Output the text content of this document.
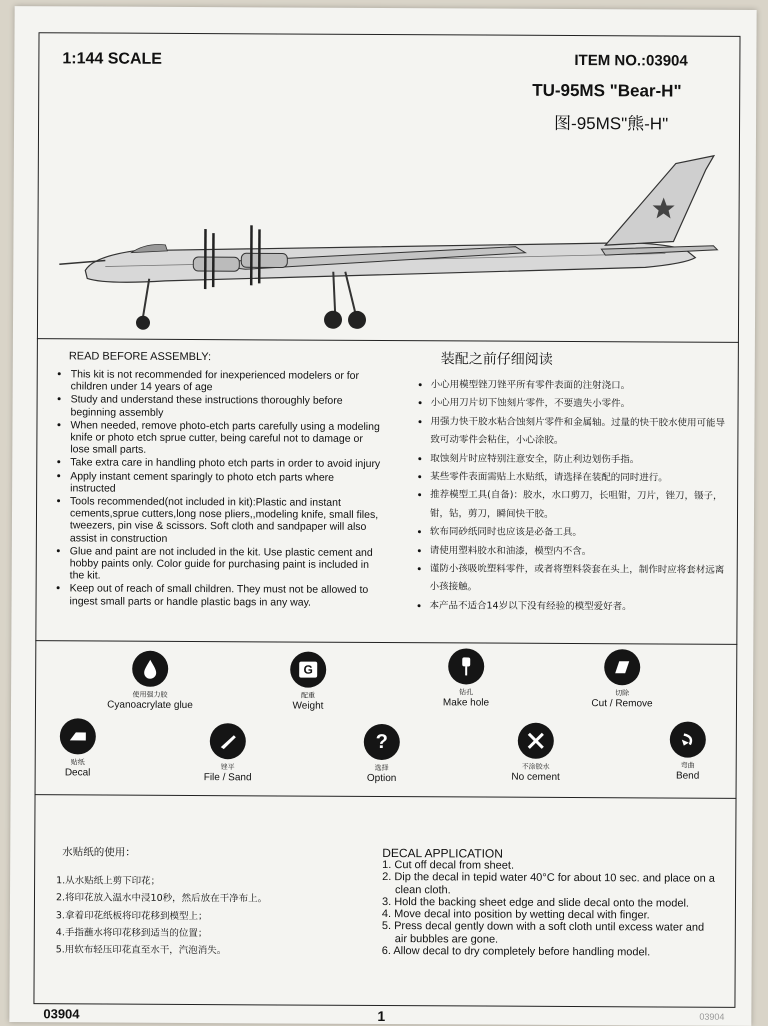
1:144 SCALE	ITEM NO.:03904
TU-95MS "Bear-H"
图-95MS"熊-H"
READ BEFORE ASSEMBLY:
• This kit is not recommended for inexperienced modelers or for children under 14 years of age
• Study and understand these instructions thoroughly before beginning assembly
• When needed, remove photo-etch parts carefully using a modeling knife or photo etch sprue cutter, being careful not to damage or lose small parts.
• Take extra care in handling photo etch parts in order to avoid injury
• Apply instant cement sparingly to photo etch parts where instructed
• Tools recommended(not included in kit):Plastic and instant cements,sprue cutters,long nose pliers,,modeling knife, small files, tweezers, pin vise & scissors. Soft cloth and sandpaper will also assist in construction
• Glue and paint are not included in the kit. Use plastic cement and hobby paints only. Color guide for purchasing paint is included in the kit.
• Keep out of reach of small children. They must not be allowed to ingest small parts or handle plastic bags in any way.
装配之前仔细阅读
• 小心用模型锉刀锉平所有零件表面的注射浇口。
• 小心用刀片切下蚀刻片零件，不要遗失小零件。
• 用强力快干胶水粘合蚀刻片零件和金属轴。过量的快干胶水使用可能导致可动零件会粘住，小心涂胶。
• 取蚀刻片时应特别注意安全，防止利边划伤手指。
• 某些零件表面需贴上水贴纸，请选择在装配的同时进行。
• 推荐模型工具(自备)：胶水，水口剪刀，长咀钳，刀片，锉刀，镊子，钳，钻，剪刀，瞬间快干胶。
• 软布同砂纸同时也应该是必备工具。
• 请使用塑料胶水和油漆，模型内不含。
• 谨防小孩吸吮塑料零件，或者将塑料袋套在头上，制作时应将套材远离小孩接触。
• 本产品不适合14岁以下没有经验的模型爱好者。
使用强力胶
Cyanoacrylate glue
G
配重
Weight
钻孔
Make hole
切除
Cut / Remove
贴纸
Decal
锉平
File / Sand
?
选择
Option
不涂胶水
No cement
弯曲
Bend
水贴纸的使用：
1.从水贴纸上剪下印花；
2.将印花放入温水中浸10秒，然后放在干净布上。
3.拿着印花纸板将印花移到模型上；
4.手指蘸水将印花移到适当的位置；
5.用软布轻压印花直至水干，汽泡消失。
DECAL APPLICATION
1. Cut off decal from sheet.
2. Dip the decal in tepid water 40°C for about 10 sec. and place on a clean cloth.
3. Hold the backing sheet edge and slide decal onto the model.
4. Move decal into position by wetting decal with finger.
5. Press decal gently down with a soft cloth until excess water and air bubbles are gone.
6. Allow decal to dry completely before handling model.
03904	1	03904
